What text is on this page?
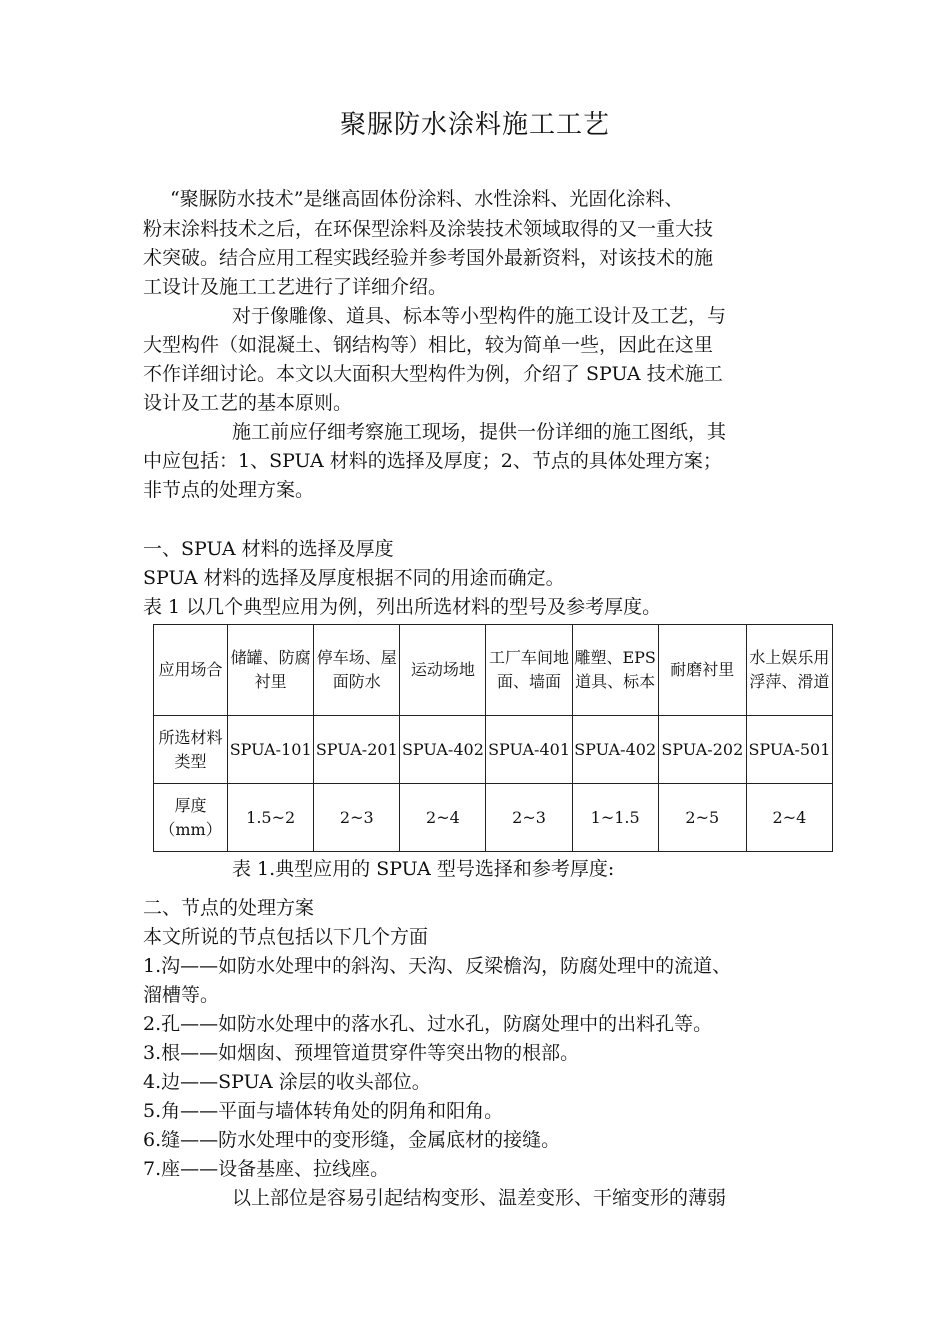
聚脲防水涂料施工工艺
“聚脲防水技术”是继高固体份涂料、水性涂料、光固化涂料、
粉末涂料技术之后，在环保型涂料及涂装技术领域取得的又一重大技
术突破。结合应用工程实践经验并参考国外最新资料，对该技术的施
工设计及施工工艺进行了详细介绍。
对于像雕像、道具、标本等小型构件的施工设计及工艺，与
大型构件（如混凝土、钢结构等）相比，较为简单一些，因此在这里
不作详细讨论。本文以大面积大型构件为例，介绍了 SPUA 技术施工
设计及工艺的基本原则。
施工前应仔细考察施工现场，提供一份详细的施工图纸，其
中应包括：1、SPUA 材料的选择及厚度；2、节点的具体处理方案；
非节点的处理方案。
一、SPUA 材料的选择及厚度
SPUA 材料的选择及厚度根据不同的用途而确定。
表 1 以几个典型应用为例，列出所选材料的型号及参考厚度。
应用场合	储罐、防腐衬里	停车场、屋面防水	运动场地	工厂车间地面、墙面	雕塑、EPS道具、标本	耐磨衬里	水上娱乐用浮萍、滑道
所选材料类型	SPUA-101	SPUA-201	SPUA-402	SPUA-401	SPUA-402	SPUA-202	SPUA-501
厚度（mm）	1.5~2	2~3	2~4	2~3	1~1.5	2~5	2~4
表 1.典型应用的 SPUA 型号选择和参考厚度:
二、节点的处理方案
本文所说的节点包括以下几个方面
1.沟——如防水处理中的斜沟、天沟、反梁檐沟，防腐处理中的流道、
溜槽等。
2.孔——如防水处理中的落水孔、过水孔，防腐处理中的出料孔等。
3.根——如烟囱、预埋管道贯穿件等突出物的根部。
4.边——SPUA 涂层的收头部位。
5.角——平面与墙体转角处的阴角和阳角。
6.缝——防水处理中的变形缝，金属底材的接缝。
7.座——设备基座、拉线座。
以上部位是容易引起结构变形、温差变形、干缩变形的薄弱
